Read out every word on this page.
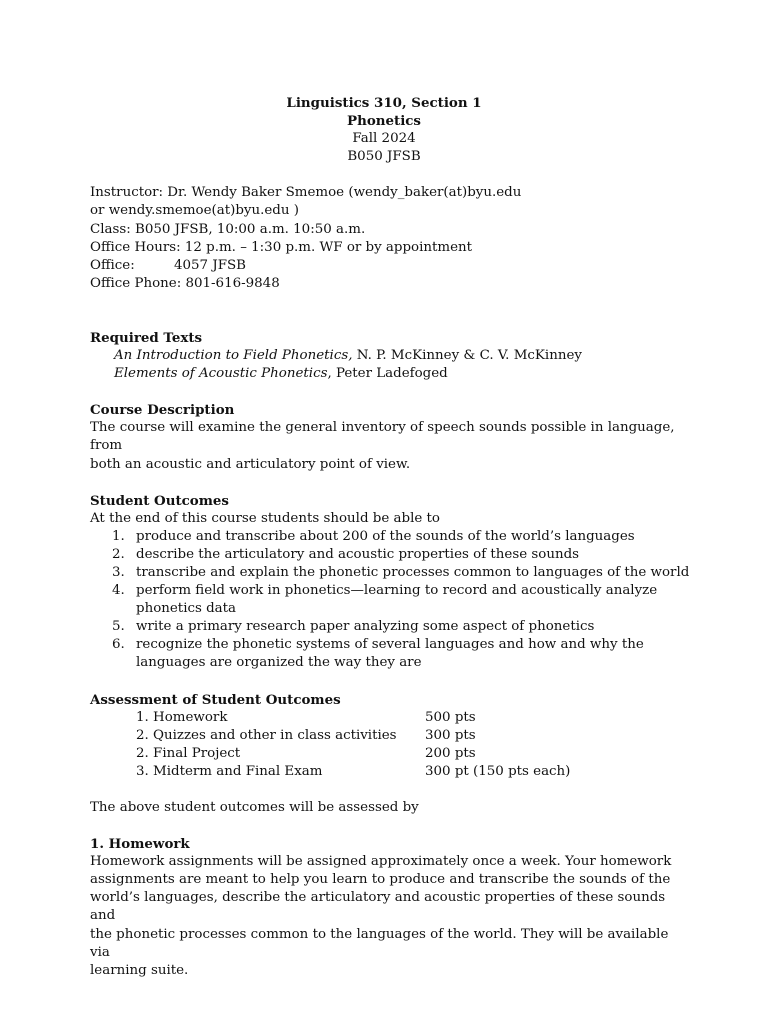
Linguistics 310, Section 1
Phonetics
Fall 2024
B050 JFSB
Instructor: Dr. Wendy Baker Smemoe (wendy_baker(at)byu.edu
or wendy.smemoe(at)byu.edu )
Class: B050 JFSB, 10:00 a.m. 10:50 a.m.
Office Hours: 12 p.m. – 1:30 p.m. WF or by appointment
Office:	4057 JFSB
Office Phone: 801-616-9848
Required Texts
An Introduction to Field Phonetics, N. P. McKinney & C. V. McKinney
Elements of Acoustic Phonetics, Peter Ladefoged
Course Description
The course will examine the general inventory of speech sounds possible in language, from
both an acoustic and articulatory point of view.
Student Outcomes
At the end of this course students should be able to
1. produce and transcribe about 200 of the sounds of the world’s languages
2. describe the articulatory and acoustic properties of these sounds
3. transcribe and explain the phonetic processes common to languages of the world
4. perform field work in phonetics—learning to record and acoustically analyze
phonetics data
5. write a primary research paper analyzing some aspect of phonetics
6. recognize the phonetic systems of several languages and how and why the
languages are organized the way they are
Assessment of Student Outcomes
1. Homework	500 pts
2. Quizzes and other in class activities 300 pts
2. Final Project	200 pts
3. Midterm and Final Exam	300 pt (150 pts each)
The above student outcomes will be assessed by
1. Homework
Homework assignments will be assigned approximately once a week. Your homework
assignments are meant to help you learn to produce and transcribe the sounds of the
world’s languages, describe the articulatory and acoustic properties of these sounds and
the phonetic processes common to the languages of the world. They will be available via
learning suite.
